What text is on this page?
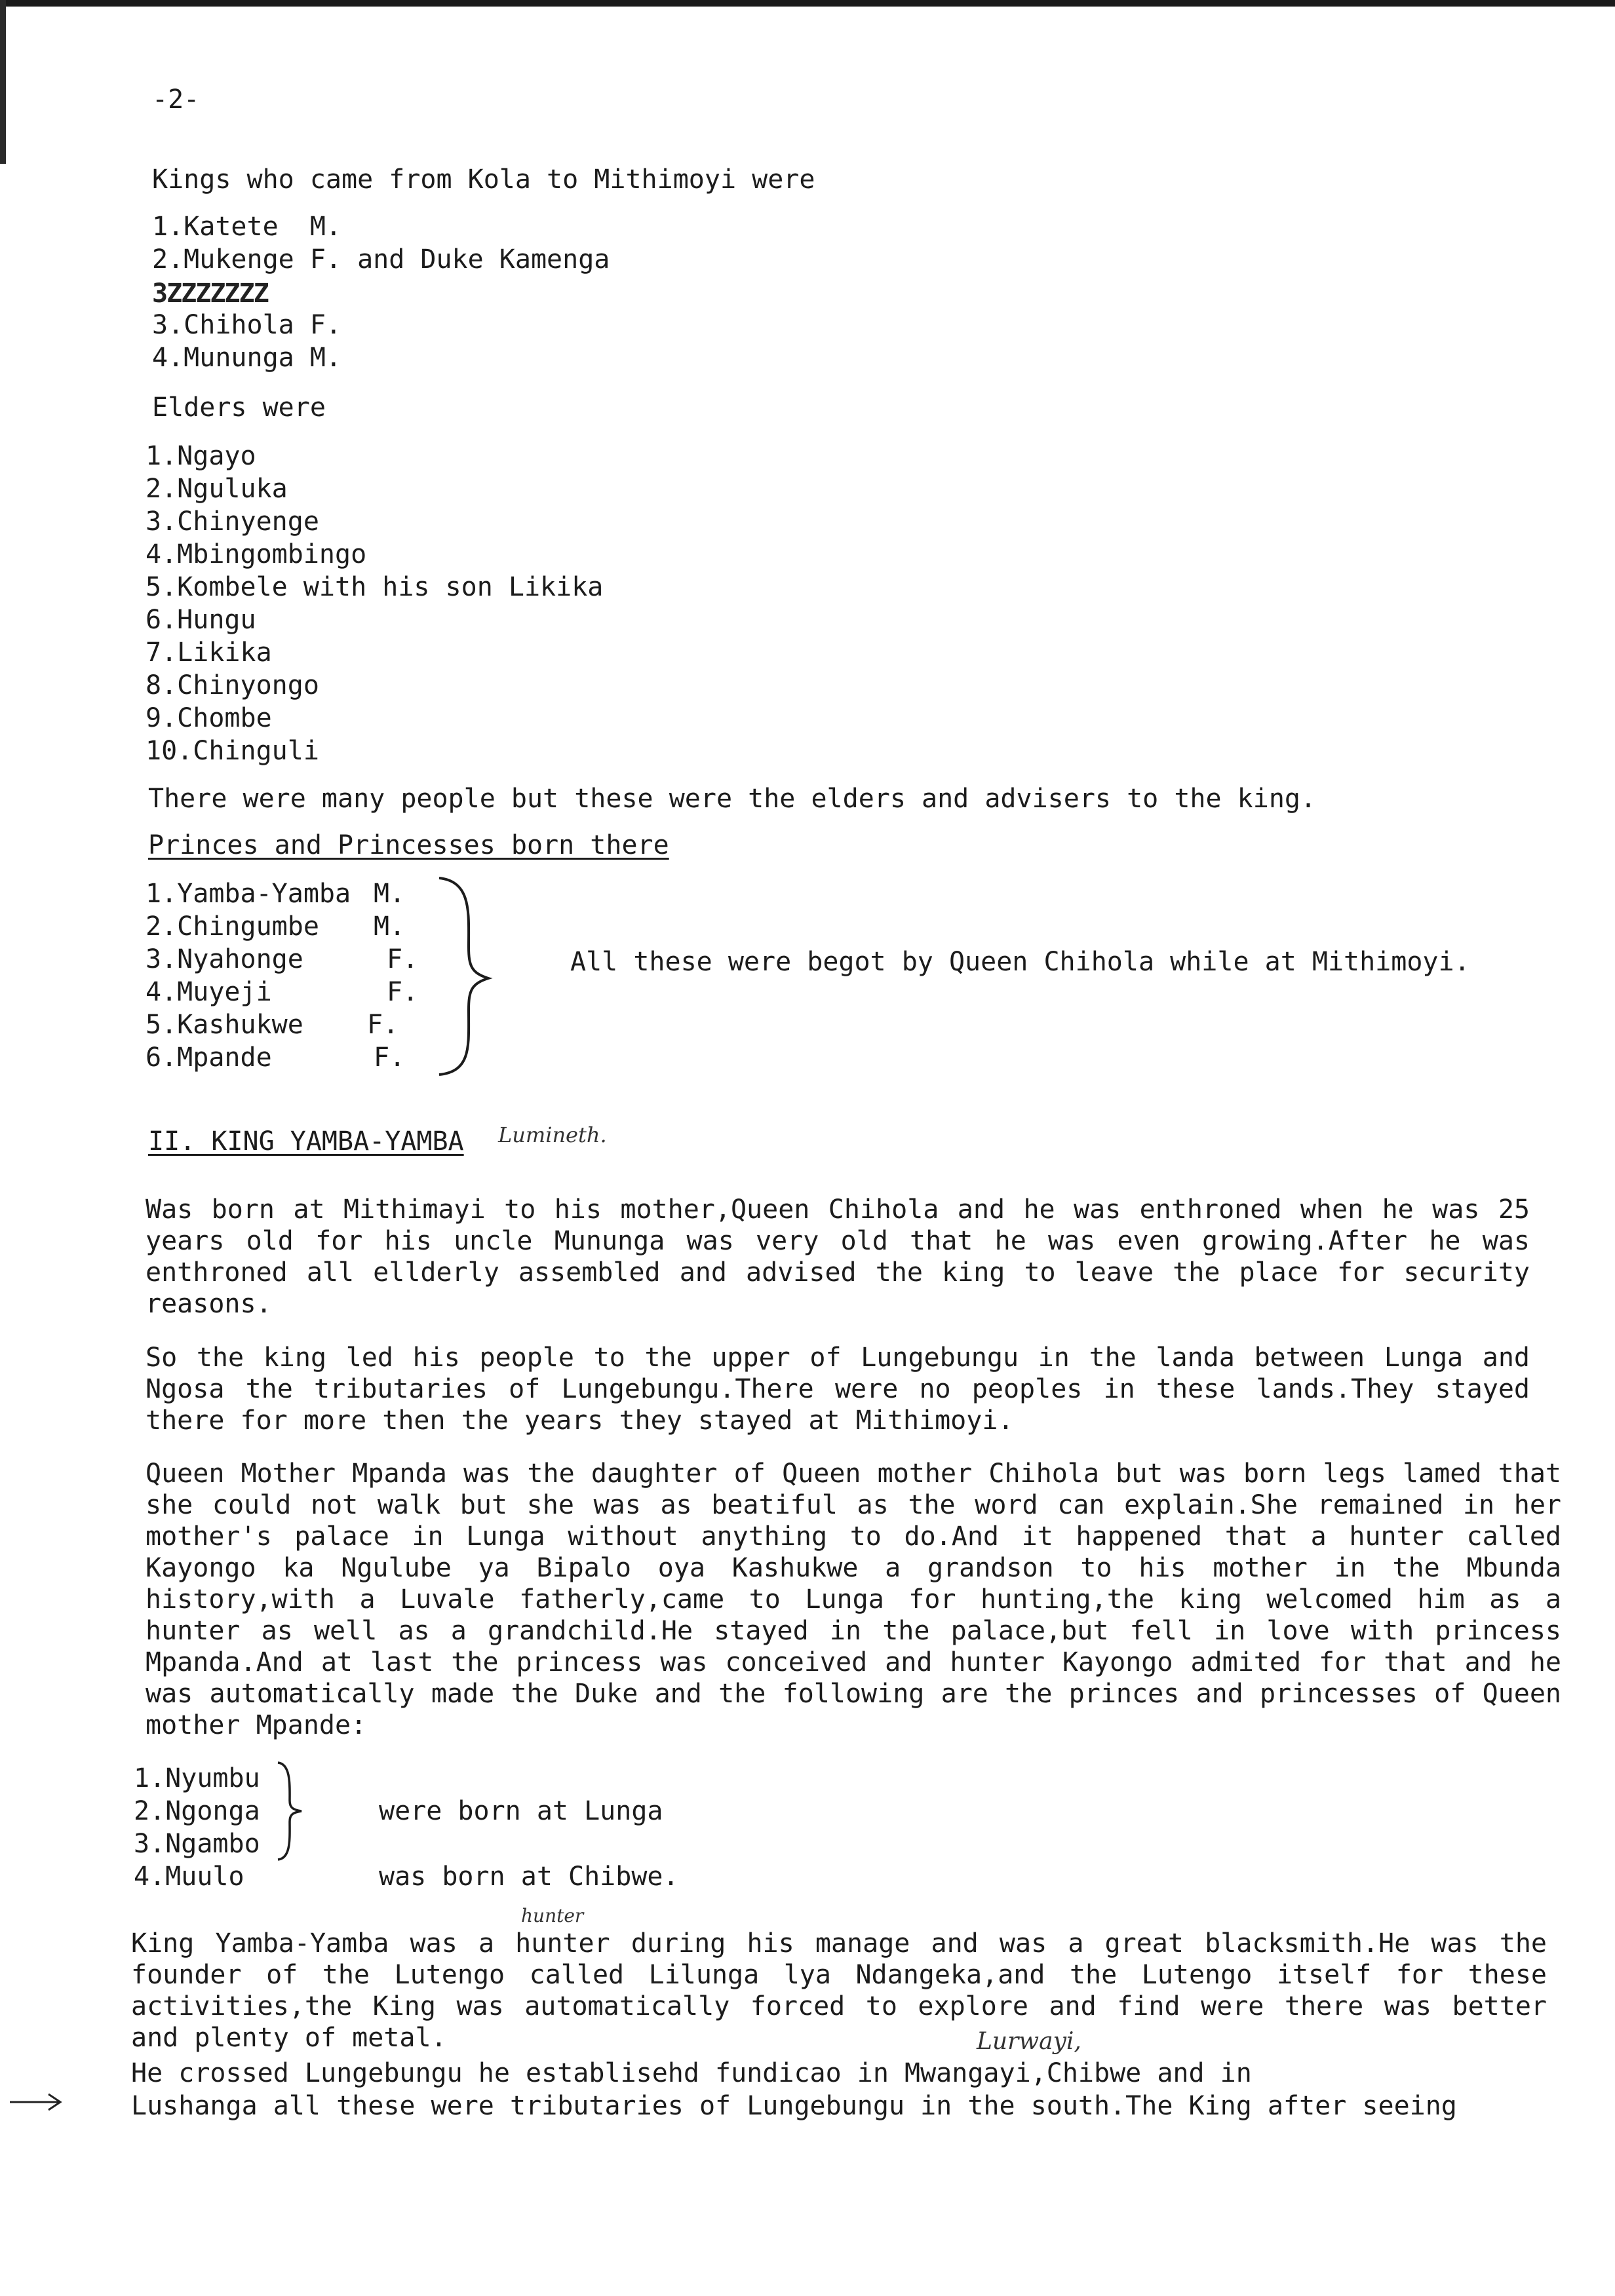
-2-
Kings who came from Kola to Mithimoyi were
1.Katete  M.
2.Mukenge F. and Duke Kamenga
3ZZZZZZZ
3.Chihola F.
4.Mununga M.
Elders were
1.Ngayo
2.Nguluka
3.Chinyenge
4.Mbingombingo
5.Kombele with his son Likika
6.Hungu
7.Likika
8.Chinyongo
9.Chombe
10.Chinguli
There were many people but these were the elders and advisers to the king.
Princes and Princesses born there
1.Yamba-Yamba
2.Chingumbe
3.Nyahonge
4.Muyeji
5.Kashukwe
6.Mpande
M.
M.
F.
F.
F.
F.
All these were begot by Queen Chihola while at Mithimoyi.
II. KING YAMBA-YAMBA Lumineth.
Was born at Mithimayi to his mother,Queen Chihola and he was enthroned when he was 25 years old for his uncle Mununga was very old that he was even growing.After he was enthroned all ellderly assembled and advised the king to leave the place for security reasons.
So the king led his people to the upper of Lungebungu in the landa between Lunga and Ngosa the tributaries of Lungebungu.There were no peoples in these lands.They stayed there for more then the years they stayed at Mithimoyi.
Queen Mother Mpanda was the daughter of Queen mother Chihola but was born legs lamed that she could not walk but she was as beatiful as the word can explain.She remained in her mother's palace in Lunga without anything to do.And it happened that a hunter called Kayongo ka Ngulube ya Bipalo oya Kashukwe a grandson to his mother in the Mbunda history,with a Luvale fatherly,came to Lunga for hunting,the king welcomed him as a hunter as well as a grandchild.He stayed in the palace,but fell in love with princess Mpanda.And at last the princess was conceived and hunter Kayongo admited for that and he was automatically made the Duke and the following are the princes and princesses of Queen mother Mpande:
1.Nyumbu
2.Ngonga
3.Ngambo
4.Muulo
were born at Lunga
was born at Chibwe.
hunter
King Yamba-Yamba was a hunter during his manage and was a great blacksmith.He was the founder of the Lutengo called Lilunga lya Ndangeka,and the Lutengo itself for these activities,the King was automatically forced to explore and find were there was better and plenty of metal.	Lurwayi,
He crossed Lungebungu he establisehd fundicao in Mwangayi,Chibwe and in
Lushanga all these were tributaries of Lungebungu in the south.The King after seeing
